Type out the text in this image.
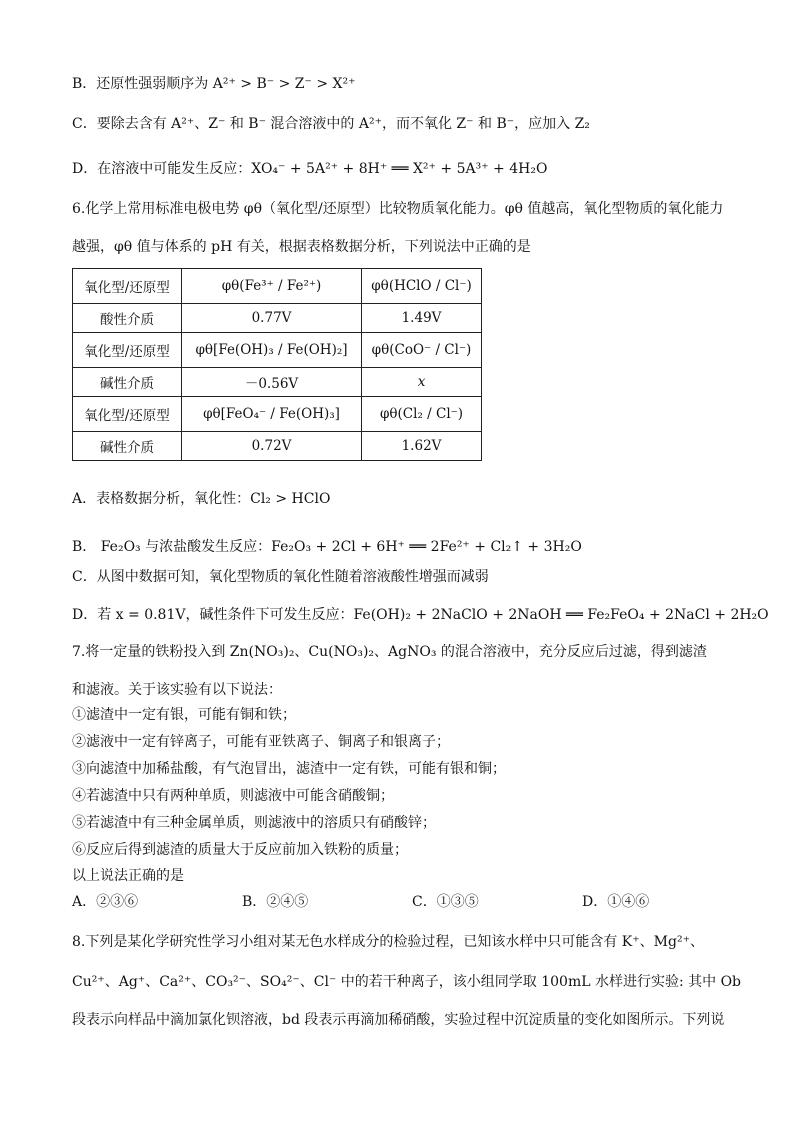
B．还原性强弱顺序为 A²⁺ > B⁻ > Z⁻ > X²⁺
C．要除去含有 A²⁺、Z⁻ 和 B⁻ 混合溶液中的 A²⁺，而不氧化 Z⁻ 和 B⁻，应加入 Z₂
D．在溶液中可能发生反应：XO₄⁻ + 5A²⁺ + 8H⁺ ══ X²⁺ + 5A³⁺ + 4H₂O
6.化学上常用标准电极电势 φθ（氧化型/还原型）比较物质氧化能力。φθ 值越高，氧化型物质的氧化能力
越强，φθ 值与体系的 pH 有关，根据表格数据分析，下列说法中正确的是
氧化型/还原型	φθ(Fe³⁺ / Fe²⁺)	φθ(HClO / Cl⁻)
酸性介质	0.77V	1.49V
氧化型/还原型	φθ[Fe(OH)₃ / Fe(OH)₂]	φθ(CoO⁻ / Cl⁻)
碱性介质	－0.56V	x
氧化型/还原型	φθ[FeO₄⁻ / Fe(OH)₃]	φθ(Cl₂ / Cl⁻)
碱性介质	0.72V	1.62V
A．表格数据分析，氧化性：Cl₂ > HClO
B． Fe₂O₃ 与浓盐酸发生反应：Fe₂O₃ + 2Cl + 6H⁺ ══ 2Fe²⁺ + Cl₂↑ + 3H₂O
C．从图中数据可知，氧化型物质的氧化性随着溶液酸性增强而减弱
D．若 x = 0.81V，碱性条件下可发生反应：Fe(OH)₂ + 2NaClO + 2NaOH ══ Fe₂FeO₄ + 2NaCl + 2H₂O
7.将一定量的铁粉投入到 Zn(NO₃)₂、Cu(NO₃)₂、AgNO₃ 的混合溶液中，充分反应后过滤，得到滤渣
和滤液。关于该实验有以下说法：
①滤渣中一定有银，可能有铜和铁；
②滤液中一定有锌离子，可能有亚铁离子、铜离子和银离子；
③向滤渣中加稀盐酸，有气泡冒出，滤渣中一定有铁，可能有银和铜；
④若滤渣中只有两种单质，则滤液中可能含硝酸铜；
⑤若滤渣中有三种金属单质，则滤液中的溶质只有硝酸锌；
⑥反应后得到滤渣的质量大于反应前加入铁粉的质量；
以上说法正确的是
A．②③⑥	B．②④⑤	C．①③⑤	D．①④⑥
8.下列是某化学研究性学习小组对某无色水样成分的检验过程，已知该水样中只可能含有 K⁺、Mg²⁺、
Cu²⁺、Ag⁺、Ca²⁺、CO₃²⁻、SO₄²⁻、Cl⁻ 中的若干种离子，该小组同学取 100mL 水样进行实验: 其中 Ob
段表示向样品中滴加氯化钡溶液，bd 段表示再滴加稀硝酸，实验过程中沉淀质量的变化如图所示。下列说
